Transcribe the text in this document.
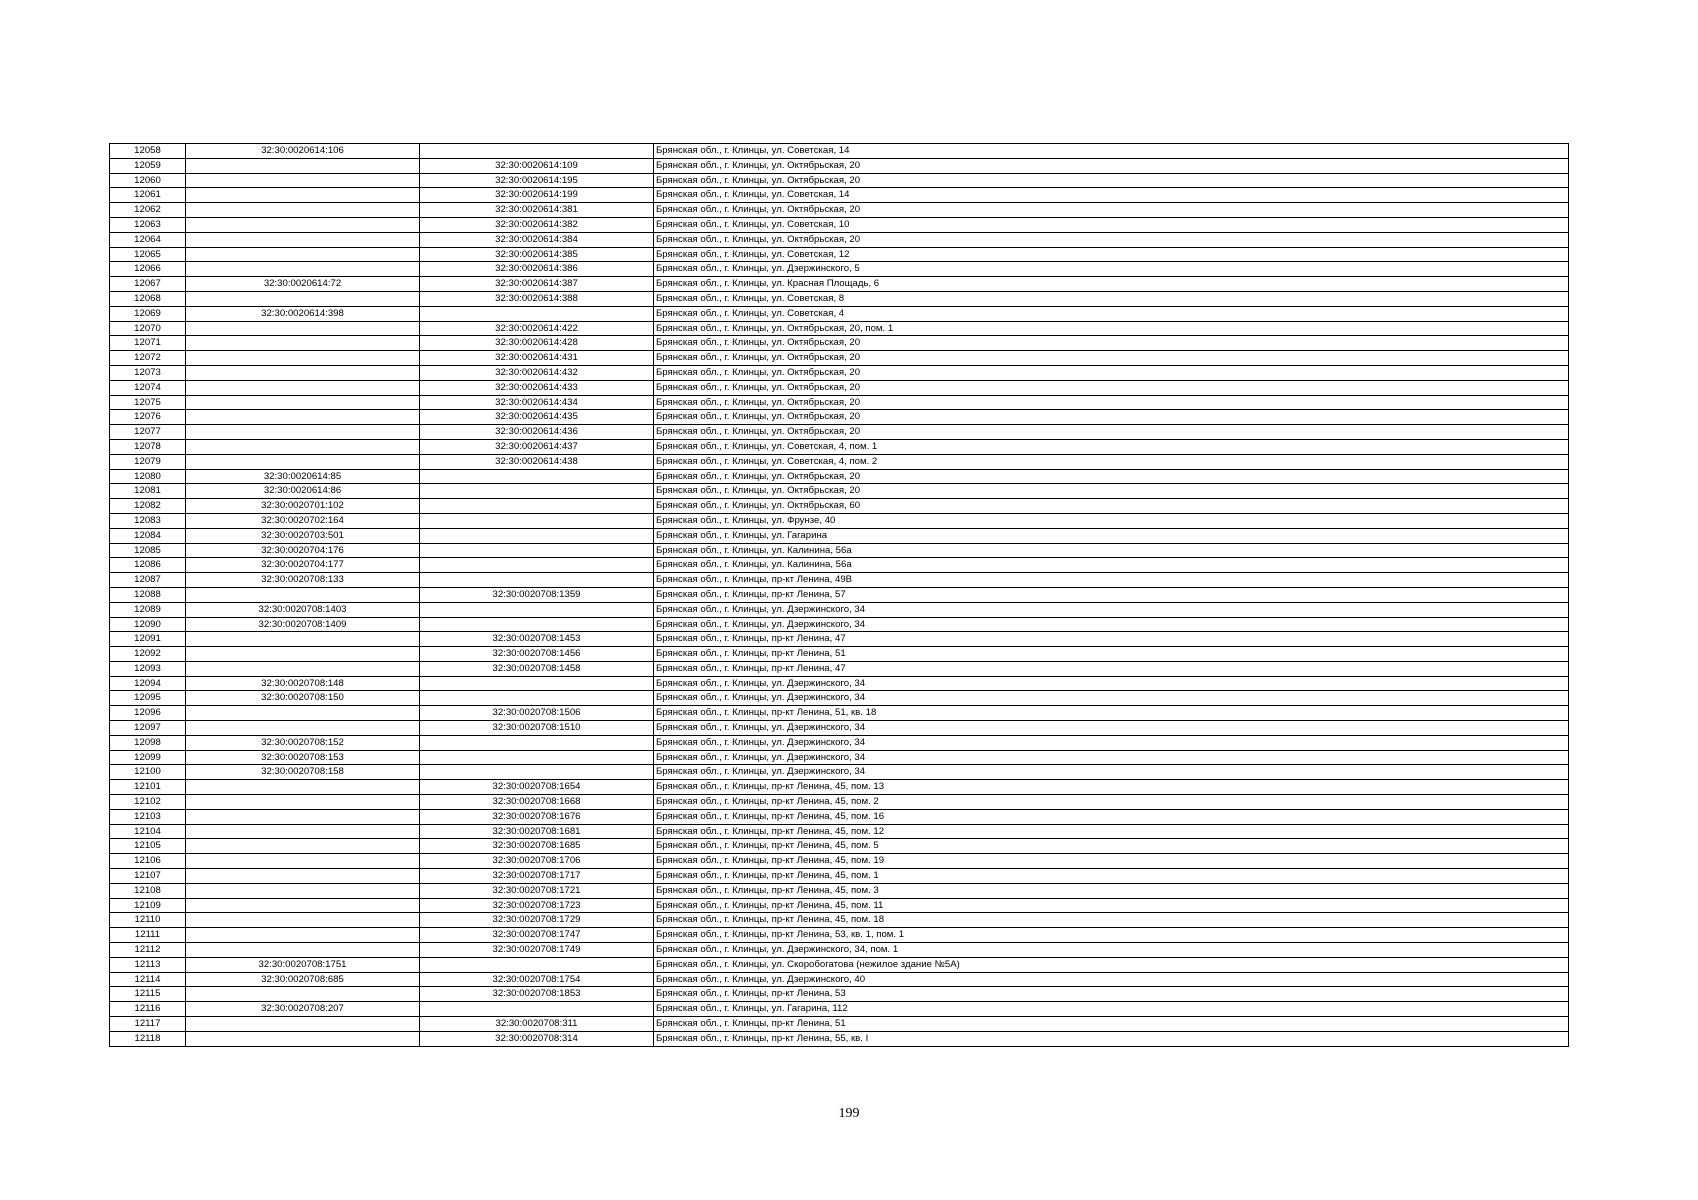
12058	32:30:0020614:106		Брянская обл., г. Клинцы, ул. Советская, 14
12059		32:30:0020614:109	Брянская обл., г. Клинцы, ул. Октябрьская, 20
12060		32:30:0020614:195	Брянская обл., г. Клинцы, ул. Октябрьская, 20
12061		32:30:0020614:199	Брянская обл., г. Клинцы, ул. Советская, 14
12062		32:30:0020614:381	Брянская обл., г. Клинцы, ул. Октябрьская, 20
12063		32:30:0020614:382	Брянская обл., г. Клинцы, ул. Советская, 10
12064		32:30:0020614:384	Брянская обл., г. Клинцы, ул. Октябрьская, 20
12065		32:30:0020614:385	Брянская обл., г. Клинцы, ул. Советская, 12
12066		32:30:0020614:386	Брянская обл., г. Клинцы, ул. Дзержинского, 5
12067	32:30:0020614:72	32:30:0020614:387	Брянская обл., г. Клинцы, ул. Красная Площадь, 6
12068		32:30:0020614:388	Брянская обл., г. Клинцы, ул. Советская, 8
12069	32:30:0020614:398		Брянская обл., г. Клинцы, ул. Советская, 4
12070		32:30:0020614:422	Брянская обл., г. Клинцы, ул. Октябрьская, 20, пом. 1
12071		32:30:0020614:428	Брянская обл., г. Клинцы, ул. Октябрьская, 20
12072		32:30:0020614:431	Брянская обл., г. Клинцы, ул. Октябрьская, 20
12073		32:30:0020614:432	Брянская обл., г. Клинцы, ул. Октябрьская, 20
12074		32:30:0020614:433	Брянская обл., г. Клинцы, ул. Октябрьская, 20
12075		32:30:0020614:434	Брянская обл., г. Клинцы, ул. Октябрьская, 20
12076		32:30:0020614:435	Брянская обл., г. Клинцы, ул. Октябрьская, 20
12077		32:30:0020614:436	Брянская обл., г. Клинцы, ул. Октябрьская, 20
12078		32:30:0020614:437	Брянская обл., г. Клинцы, ул. Советская, 4, пом. 1
12079		32:30:0020614:438	Брянская обл., г. Клинцы, ул. Советская, 4, пом. 2
12080	32:30:0020614:85		Брянская обл., г. Клинцы, ул. Октябрьская, 20
12081	32:30:0020614:86		Брянская обл., г. Клинцы, ул. Октябрьская, 20
12082	32:30:0020701:102		Брянская обл., г. Клинцы, ул. Октябрьская, 60
12083	32:30:0020702:164		Брянская обл., г. Клинцы, ул. Фрунзе, 40
12084	32:30:0020703:501		Брянская обл., г. Клинцы, ул. Гагарина
12085	32:30:0020704:176		Брянская обл., г. Клинцы, ул. Калинина, 56а
12086	32:30:0020704:177		Брянская обл., г. Клинцы, ул. Калинина, 56а
12087	32:30:0020708:133		Брянская обл., г. Клинцы, пр-кт Ленина, 49В
12088		32:30:0020708:1359	Брянская обл., г. Клинцы, пр-кт Ленина, 57
12089	32:30:0020708:1403		Брянская обл., г. Клинцы, ул. Дзержинского, 34
12090	32:30:0020708:1409		Брянская обл., г. Клинцы, ул. Дзержинского, 34
12091		32:30:0020708:1453	Брянская обл., г. Клинцы, пр-кт Ленина, 47
12092		32:30:0020708:1456	Брянская обл., г. Клинцы, пр-кт Ленина, 51
12093		32:30:0020708:1458	Брянская обл., г. Клинцы, пр-кт Ленина, 47
12094	32:30:0020708:148		Брянская обл., г. Клинцы, ул. Дзержинского, 34
12095	32:30:0020708:150		Брянская обл., г. Клинцы, ул. Дзержинского, 34
12096		32:30:0020708:1506	Брянская обл., г. Клинцы, пр-кт Ленина, 51, кв. 18
12097		32:30:0020708:1510	Брянская обл., г. Клинцы, ул. Дзержинского, 34
12098	32:30:0020708:152		Брянская обл., г. Клинцы, ул. Дзержинского, 34
12099	32:30:0020708:153		Брянская обл., г. Клинцы, ул. Дзержинского, 34
12100	32:30:0020708:158		Брянская обл., г. Клинцы, ул. Дзержинского, 34
12101		32:30:0020708:1654	Брянская обл., г. Клинцы, пр-кт Ленина, 45, пом. 13
12102		32:30:0020708:1668	Брянская обл., г. Клинцы, пр-кт Ленина, 45, пом. 2
12103		32:30:0020708:1676	Брянская обл., г. Клинцы, пр-кт Ленина, 45, пом. 16
12104		32:30:0020708:1681	Брянская обл., г. Клинцы, пр-кт Ленина, 45, пом. 12
12105		32:30:0020708:1685	Брянская обл., г. Клинцы, пр-кт Ленина, 45, пом. 5
12106		32:30:0020708:1706	Брянская обл., г. Клинцы, пр-кт Ленина, 45, пом. 19
12107		32:30:0020708:1717	Брянская обл., г. Клинцы, пр-кт Ленина, 45, пом. 1
12108		32:30:0020708:1721	Брянская обл., г. Клинцы, пр-кт Ленина, 45, пом. 3
12109		32:30:0020708:1723	Брянская обл., г. Клинцы, пр-кт Ленина, 45, пом. 11
12110		32:30:0020708:1729	Брянская обл., г. Клинцы, пр-кт Ленина, 45, пом. 18
12111		32:30:0020708:1747	Брянская обл., г. Клинцы, пр-кт Ленина, 53, кв. 1, пом. 1
12112		32:30:0020708:1749	Брянская обл., г. Клинцы, ул. Дзержинского, 34, пом. 1
12113	32:30:0020708:1751		Брянская обл., г. Клинцы, ул. Скоробогатова (нежилое здание №5А)
12114	32:30:0020708:685	32:30:0020708:1754	Брянская обл., г. Клинцы, ул. Дзержинского, 40
12115		32:30:0020708:1853	Брянская обл., г. Клинцы, пр-кт Ленина, 53
12116	32:30:0020708:207		Брянская обл., г. Клинцы, ул. Гагарина, 112
12117		32:30:0020708:311	Брянская обл., г. Клинцы, пр-кт Ленина, 51
12118		32:30:0020708:314	Брянская обл., г. Клинцы, пр-кт Ленина, 55, кв. I
199
